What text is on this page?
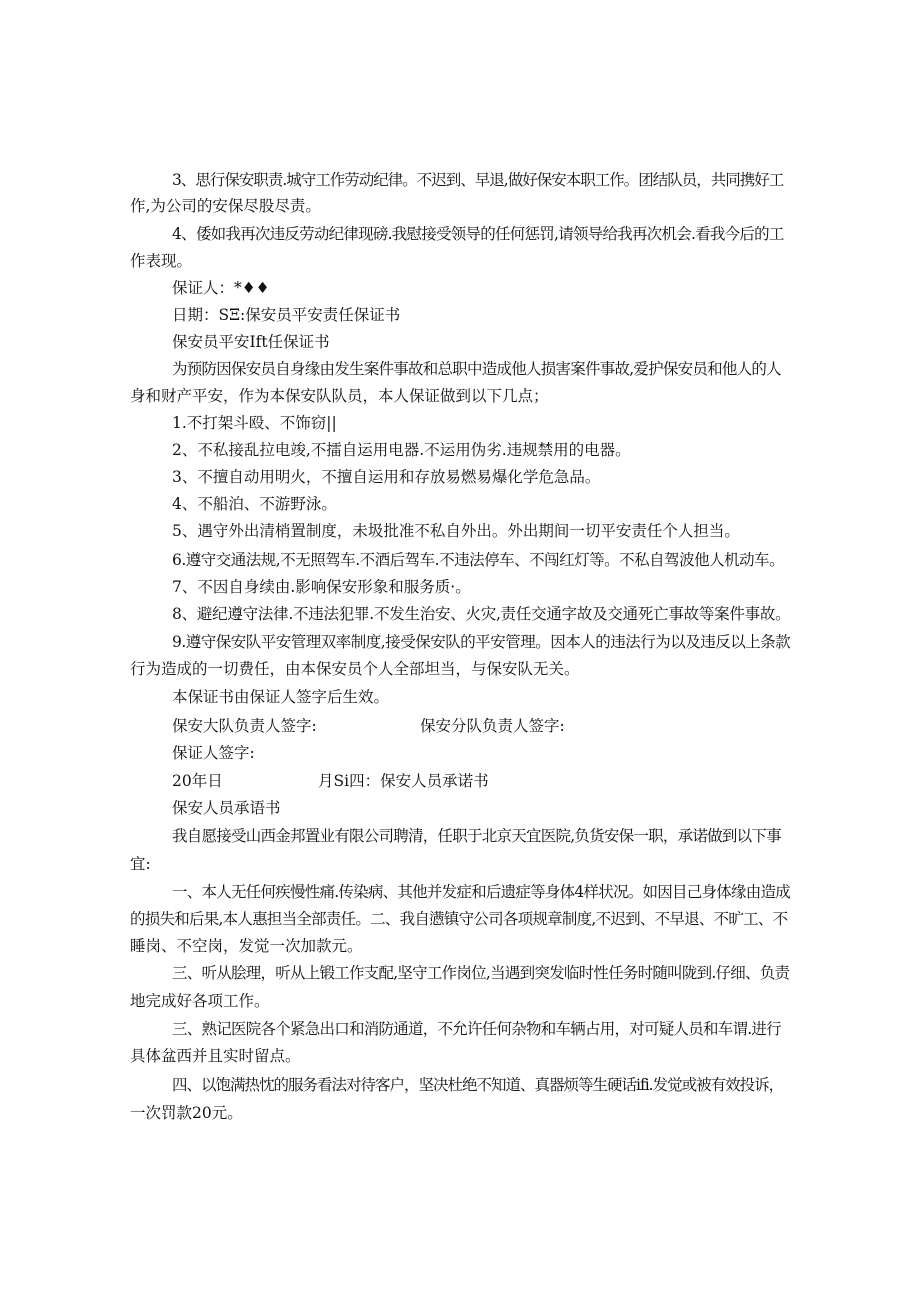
3、思行保安职责.城守工作劳动纪律。不迟到、早退,做好保安本职工作。团结队员，共同携好工
作,为公司的安保尽股尽责。
4、倭如我再次违反劳动纪律现磅.我慰接受领导的任何惩罚,请领导给我再次机会.看我今后的工
作表现。
保证人：*♦♦
日期：SΞ:保安员平安责任保证书
保安员平安Ift任保证书
为预防因保安员自身缘由发生案件事故和总职中造成他人损害案件事故,爱护保安员和他人的人
身和财产平安，作为本保安队队员，本人保证做到以下几点；
1.不打架斗殴、不饰窃||
2、不私接乱拉电竣,不擂自运用电器.不运用伪劣.违规禁用的电器。
3、不擅自动用明火，不擅自运用和存放易燃易爆化学危急品。
4、不船泊、不游野泳。
5、遇守外出清梢置制度，未圾批准不私自外出。外出期间一切平安责任个人担当。
6.遵守交通法规,不无照驾车.不酒后驾车.不违法停车、不闯红灯等。不私自驾波他人机动车。
7、不因自身续由.影响保安形象和服务质·。
8、避纪遵守法律.不违法犯罪.不发生治安、火灾,责任交通字故及交通死亡事故等案件事故。
9.遵守保安队平安管理双率制度,接受保安队的平安管理。因本人的违法行为以及违反以上条款
行为造成的一切费任，由本保安员个人全部坦当，与保安队无关。
本保证书由保证人签字后生效。
保安大队负责人签字:	保安分队负责人签字:
保证人签字:
20年日	月Si四：保安人员承诺书
保安人员承语书
我自愿接受山西金邦置业有限公司聘清，任职于北京天宜医院,负货安保一职，承诺做到以下事
宜:
一、本人无任何疾慢性痛.传染病、其他并发症和后遗症等身体4样状况。如因目己身体缘由造成
的损失和后果,本人惠担当全部责任。二、我自懑镇守公司各项规章制度,不迟到、不早退、不旷工、不
睡岗、不空岗，发觉一次加款元。
三、听从脍理，听从上锻工作支配,坚守工作岗位,当遇到突发临时性任务时随叫陇到.仔细、负责
地完成好各项工作。
三、熟记医院各个紧急出口和消防通道，不允许任何杂物和车辆占用，对可疑人员和车谓.进行
具体盆西并且实时留点。
四、以饱满热忱的服务看法对待客户，坚决杜绝不知道、真器烦等生硬话ifi.发觉或被有效投诉，
一次罚款20元。
